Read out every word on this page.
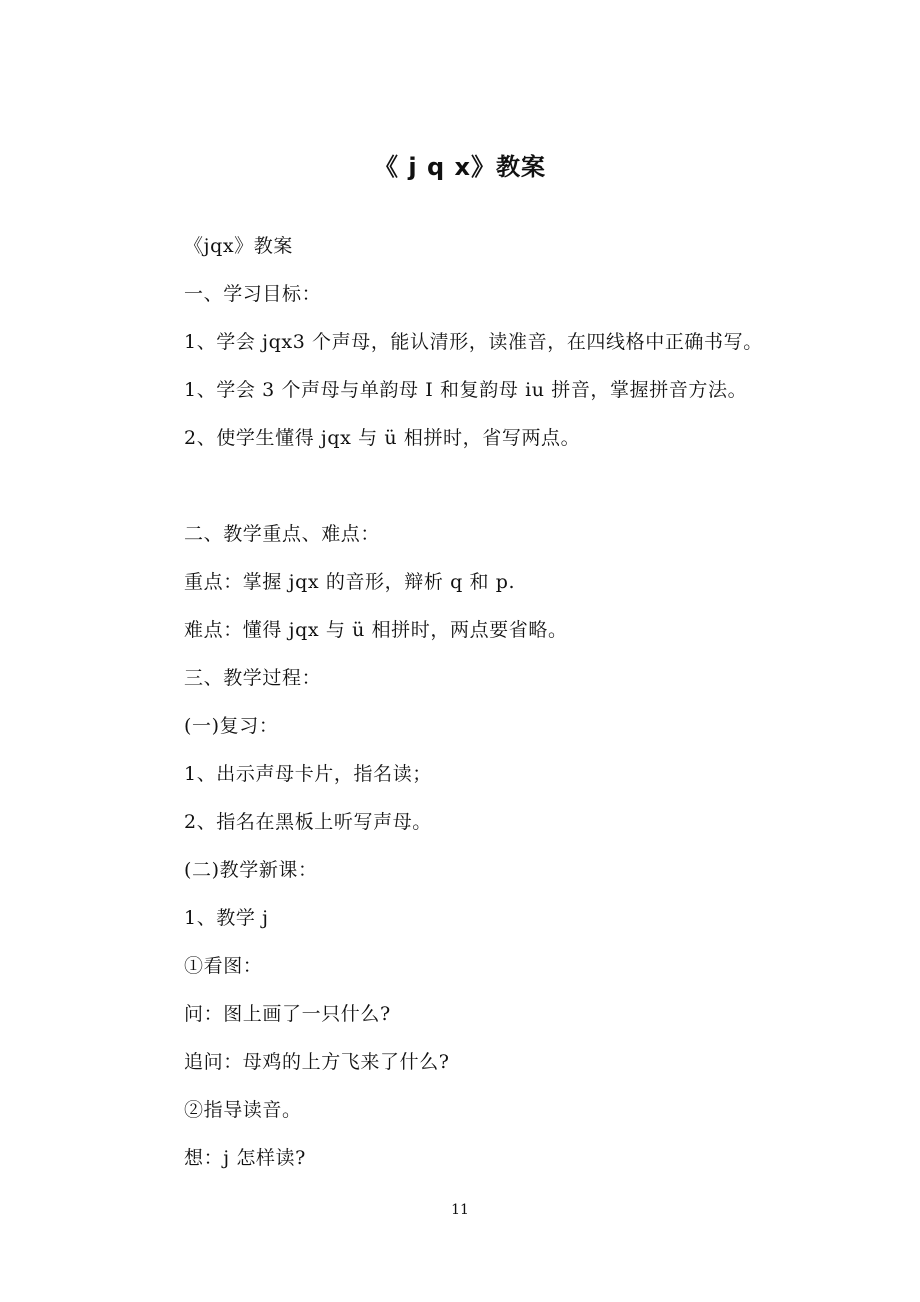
《 j q x》教案
《jqx》教案
一、学习目标：
1、学会 jqx3 个声母，能认清形，读准音，在四线格中正确书写。
1、学会 3 个声母与单韵母 I 和复韵母 iu 拼音，掌握拼音方法。
2、使学生懂得 jqx 与 ü 相拼时，省写两点。
二、教学重点、难点：
重点：掌握 jqx 的音形，辩析 q 和 p.
难点：懂得 jqx 与 ü 相拼时，两点要省略。
三、教学过程：
(一)复习：
1、出示声母卡片，指名读；
2、指名在黑板上听写声母。
(二)教学新课：
1、教学 j
①看图：
问：图上画了一只什么?
追问：母鸡的上方飞来了什么?
②指导读音。
想：j 怎样读?
11
